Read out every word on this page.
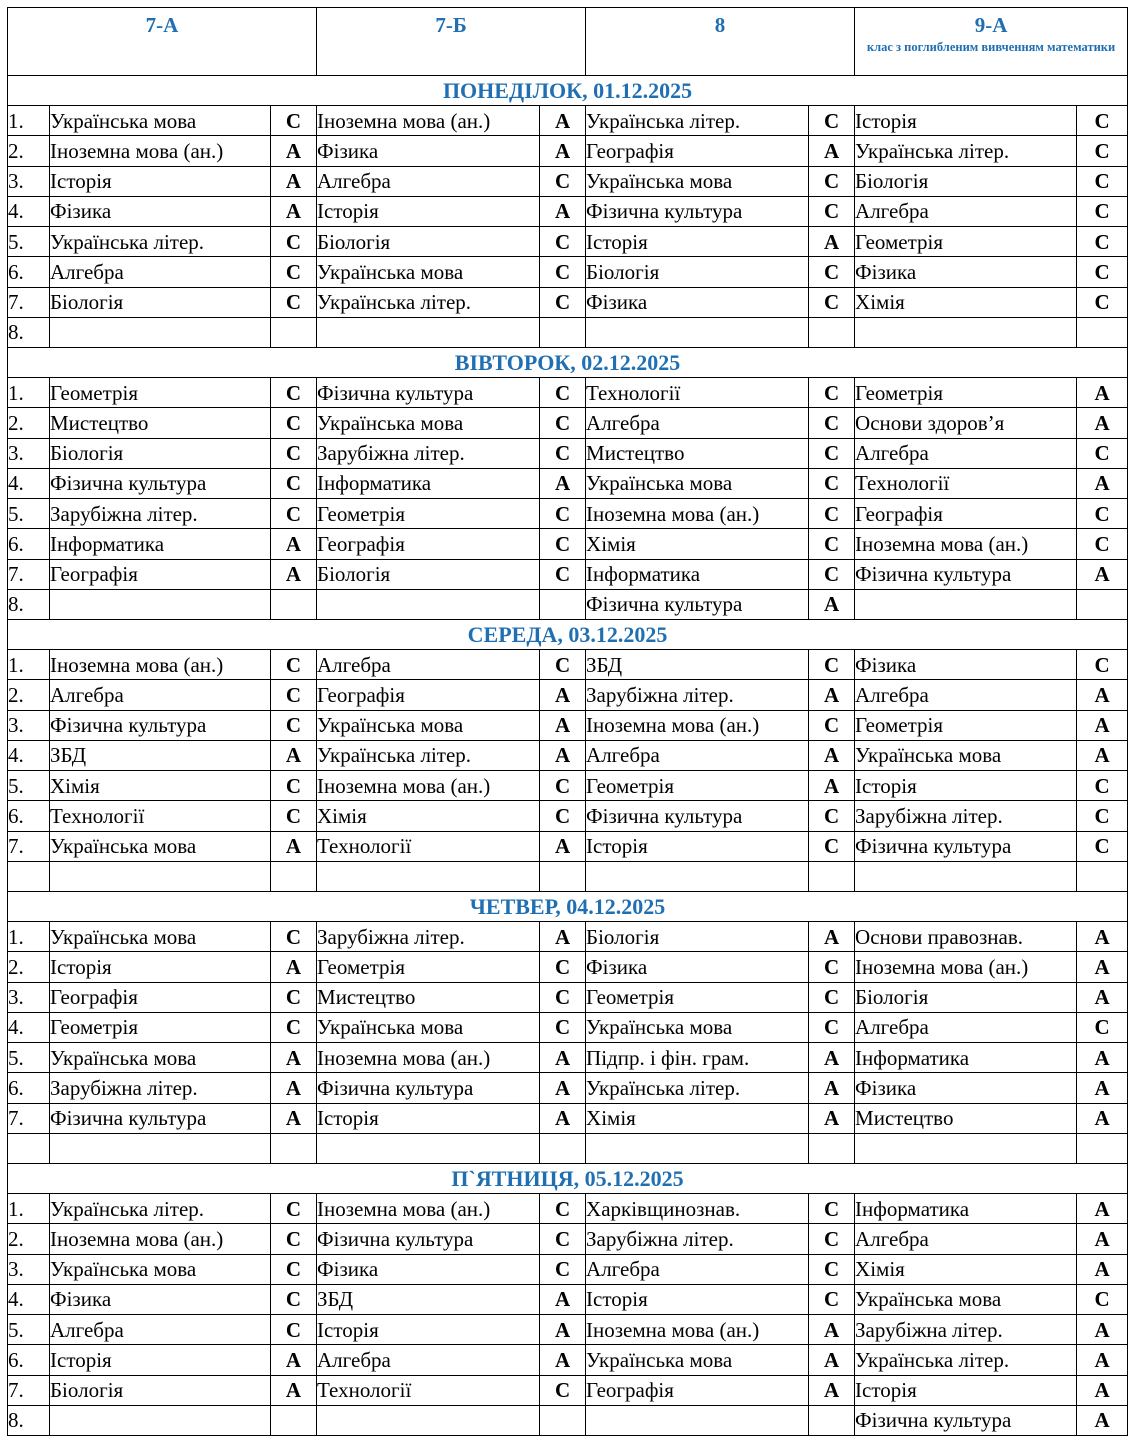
7-А			7-Б		8		9-А
клас з поглибленим вивченням математики	

ПОНЕДІЛОК, 01.12.2025								
1.	Українська мова	С	Іноземна мова (ан.)	А	Українська літер.	С	Історія	С
2.	Іноземна мова (ан.)	А	Фізика	А	Географія	А	Українська літер.	С
3.	Історія	А	Алгебра	С	Українська мова	С	Біологія	С
4.	Фізика	А	Історія	А	Фізична культура	С	Алгебра	С
5.	Українська літер.	С	Біологія	С	Історія	А	Геометрія	С
6.	Алгебра	С	Українська мова	С	Біологія	С	Фізика	С
7.	Біологія	С	Українська літер.	С	Фізика	С	Хімія	С
8.								
ВІВТОРОК, 02.12.2025								
1.	Геометрія	С	Фізична культура	С	Технології	С	Геометрія	А
2.	Мистецтво	С	Українська мова	С	Алгебра	С	Основи здоров’я	А
3.	Біологія	С	Зарубіжна літер.	С	Мистецтво	С	Алгебра	С
4.	Фізична культура	С	Інформатика	А	Українська мова	С	Технології	А
5.	Зарубіжна літер.	С	Геометрія	С	Іноземна мова (ан.)	С	Географія	С
6.	Інформатика	А	Географія	С	Хімія	С	Іноземна мова (ан.)	С
7.	Географія	А	Біологія	С	Інформатика	С	Фізична культура	А
8.					Фізична культура	А		
СЕРЕДА, 03.12.2025								
1.	Іноземна мова (ан.)	С	Алгебра	С	ЗБД	С	Фізика	С
2.	Алгебра	С	Географія	А	Зарубіжна літер.	А	Алгебра	А
3.	Фізична культура	С	Українська мова	А	Іноземна мова (ан.)	С	Геометрія	А
4.	ЗБД	А	Українська літер.	А	Алгебра	А	Українська мова	А
5.	Хімія	С	Іноземна мова (ан.)	С	Геометрія	А	Історія	С
6.	Технології	С	Хімія	С	Фізична культура	С	Зарубіжна літер.	С
7.	Українська мова	А	Технології	А	Історія	С	Фізична культура	С

ЧЕТВЕР, 04.12.2025								
1.	Українська мова	С	Зарубіжна літер.	А	Біологія	А	Основи правознав.	А
2.	Історія	А	Геометрія	С	Фізика	С	Іноземна мова (ан.)	А
3.	Географія	С	Мистецтво	С	Геометрія	С	Біологія	А
4.	Геометрія	С	Українська мова	С	Українська мова	С	Алгебра	С
5.	Українська мова	А	Іноземна мова (ан.)	А	Підпр. і фін. грам.	А	Інформатика	А
6.	Зарубіжна літер.	А	Фізична культура	А	Українська літер.	А	Фізика	А
7.	Фізична культура	А	Історія	А	Хімія	А	Мистецтво	А

П`ЯТНИЦЯ, 05.12.2025								
1.	Українська літер.	С	Іноземна мова (ан.)	С	Харківщинознав.	С	Інформатика	А
2.	Іноземна мова (ан.)	С	Фізична культура	С	Зарубіжна літер.	С	Алгебра	А
3.	Українська мова	С	Фізика	С	Алгебра	С	Хімія	А
4.	Фізика	С	ЗБД	А	Історія	С	Українська мова	С
5.	Алгебра	С	Історія	А	Іноземна мова (ан.)	А	Зарубіжна літер.	А
6.	Історія	А	Алгебра	А	Українська мова	А	Українська літер.	А
7.	Біологія	А	Технології	С	Географія	А	Історія	А
8.							Фізична культура	А
